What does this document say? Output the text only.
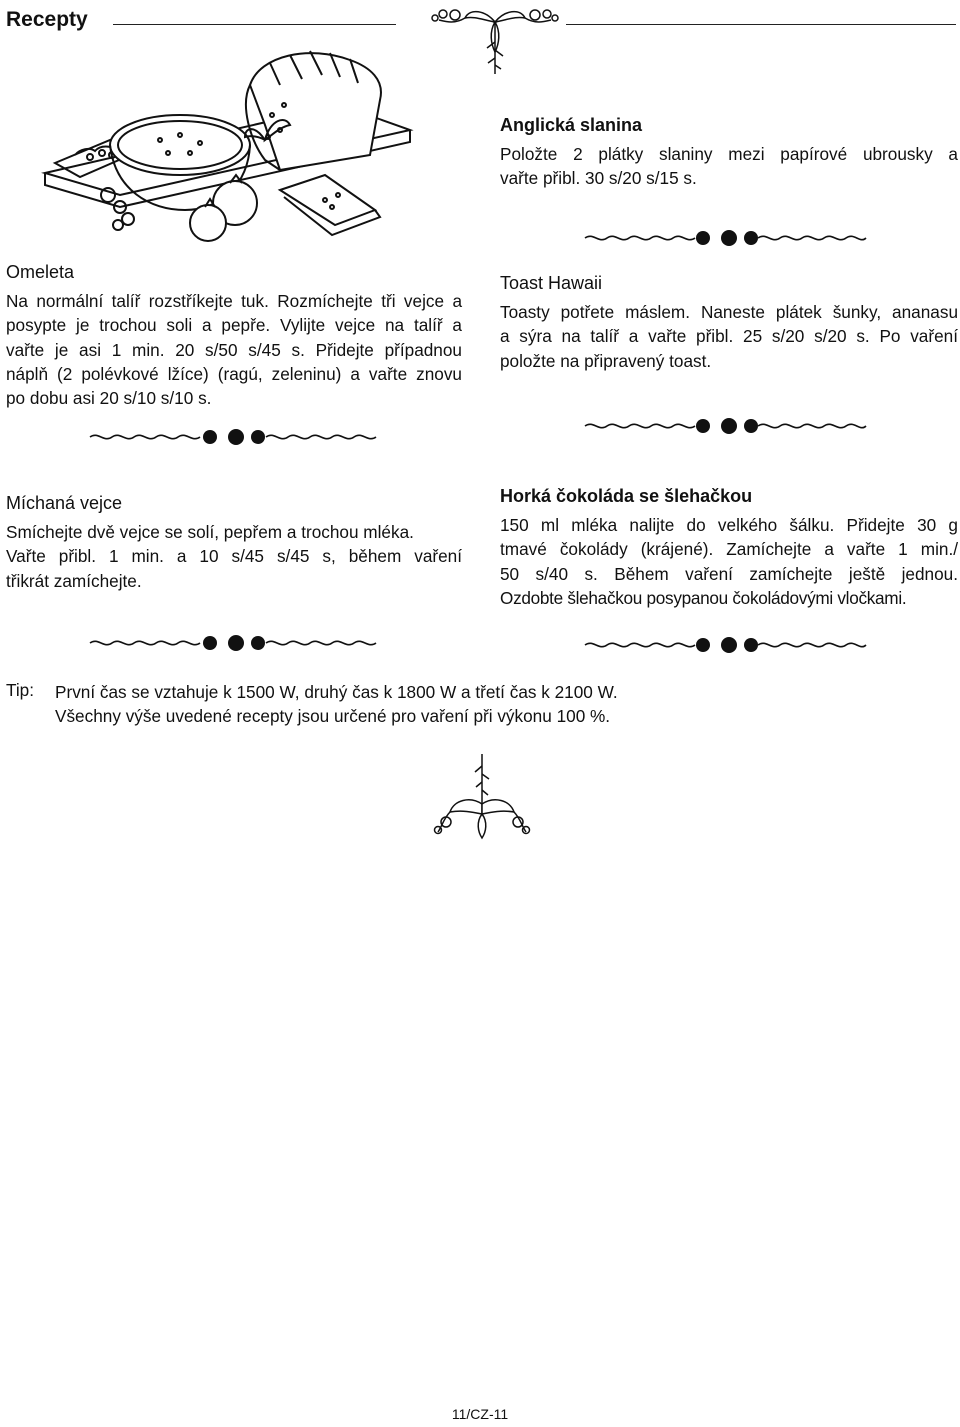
Recepty
Anglická slanina

Položte 2 plátky slaniny mezi papírové ubrousky a

vařte přibl. 30 s/20 s/15 s.

Omeleta

Na normální talíř rozstříkejte tuk. Rozmíchejte tři vejce a

posypte je trochou soli a pepře. Vylijte vejce na talíř a

vařte je asi 1 min. 20 s/50 s/45 s. Přidejte případnou

náplň (2 polévkové lžíce) (ragú, zeleninu) a vařte znovu

po dobu asi 20 s/10 s/10 s.

Toast Hawaii

Toasty potřete máslem. Naneste plátek šunky, ananasu

a sýra na talíř a vařte přibl. 25 s/20 s/20 s. Po vaření

položte na připravený toast.

Míchaná vejce

Smíchejte dvě vejce se solí, pepřem a trochou mléka.

Vařte přibl. 1 min. a 10 s/45 s/45 s, během vaření

třikrát zamíchejte.

Horká čokoláda se šlehačkou

150 ml mléka nalijte do velkého šálku. Přidejte 30 g

tmavé čokolády (krájené). Zamíchejte a vařte 1 min./

50 s/40 s. Během vaření zamíchejte ještě jednou.

Ozdobte šlehačkou posypanou čokoládovými vločkami.

Tip: První čas se vztahuje k 1500 W, druhý čas k 1800 W a třetí čas k 2100 W.

Všechny výše uvedené recepty jsou určené pro vaření při výkonu 100 %.

11/CZ-11
